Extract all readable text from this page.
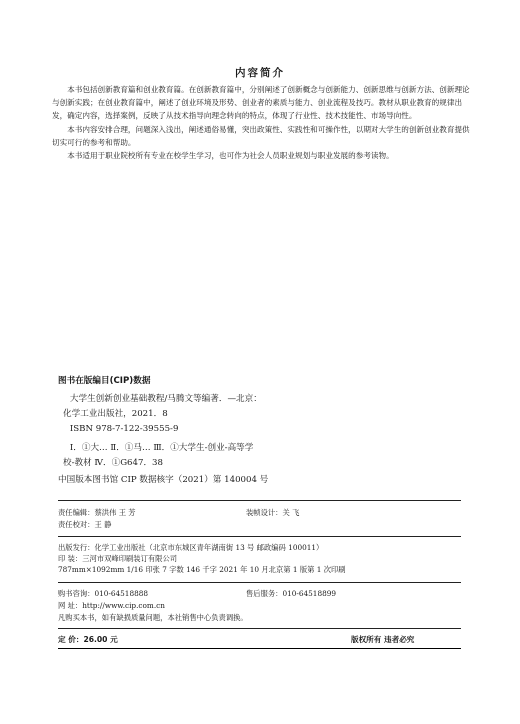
内容简介

本书包括创新教育篇和创业教育篇。在创新教育篇中，分别阐述了创新概念与创新能力、创新思维与创新方法、创新理论与创新实践；在创业教育篇中，阐述了创业环境及形势、创业者的素质与能力、创业流程及技巧。教材从职业教育的规律出发，确定内容，选择案例，反映了从技术指导向理念转向的特点，体现了行业性、技术技能性、市场导向性。

本书内容安排合理，问题深入浅出，阐述通俗易懂，突出政策性、实践性和可操作性，以期对大学生的创新创业教育提供切实可行的参考和帮助。

本书适用于职业院校所有专业在校学生学习，也可作为社会人员职业规划与职业发展的参考读物。

图书在版编目(CIP)数据

大学生创新创业基础教程/马腾文等编著．—北京：

化学工业出版社，2021．8

ISBN 978-7-122-39555-9

Ⅰ．①大… Ⅱ．①马… Ⅲ．①大学生-创业-高等学

校-教材 Ⅳ．①G647．38

中国版本图书馆 CIP 数据核字（2021）第 140004 号
责任编辑：蔡洪伟 王 芳	装帧设计：关 飞
责任校对：王 静
出版发行：化学工业出版社（北京市东城区青年湖南街 13 号 邮政编码 100011）
印 装：三河市双峰印刷装订有限公司
787mm×1092mm 1/16 印张 7 字数 146 千字 2021 年 10 月北京第 1 版第 1 次印刷
购书咨询：010-64518888	售后服务：010-64518899
网 址：http://www.cip.com.cn
凡购买本书，如有缺损质量问题，本社销售中心负责调换。
定 价：26.00 元	版权所有 违者必究
